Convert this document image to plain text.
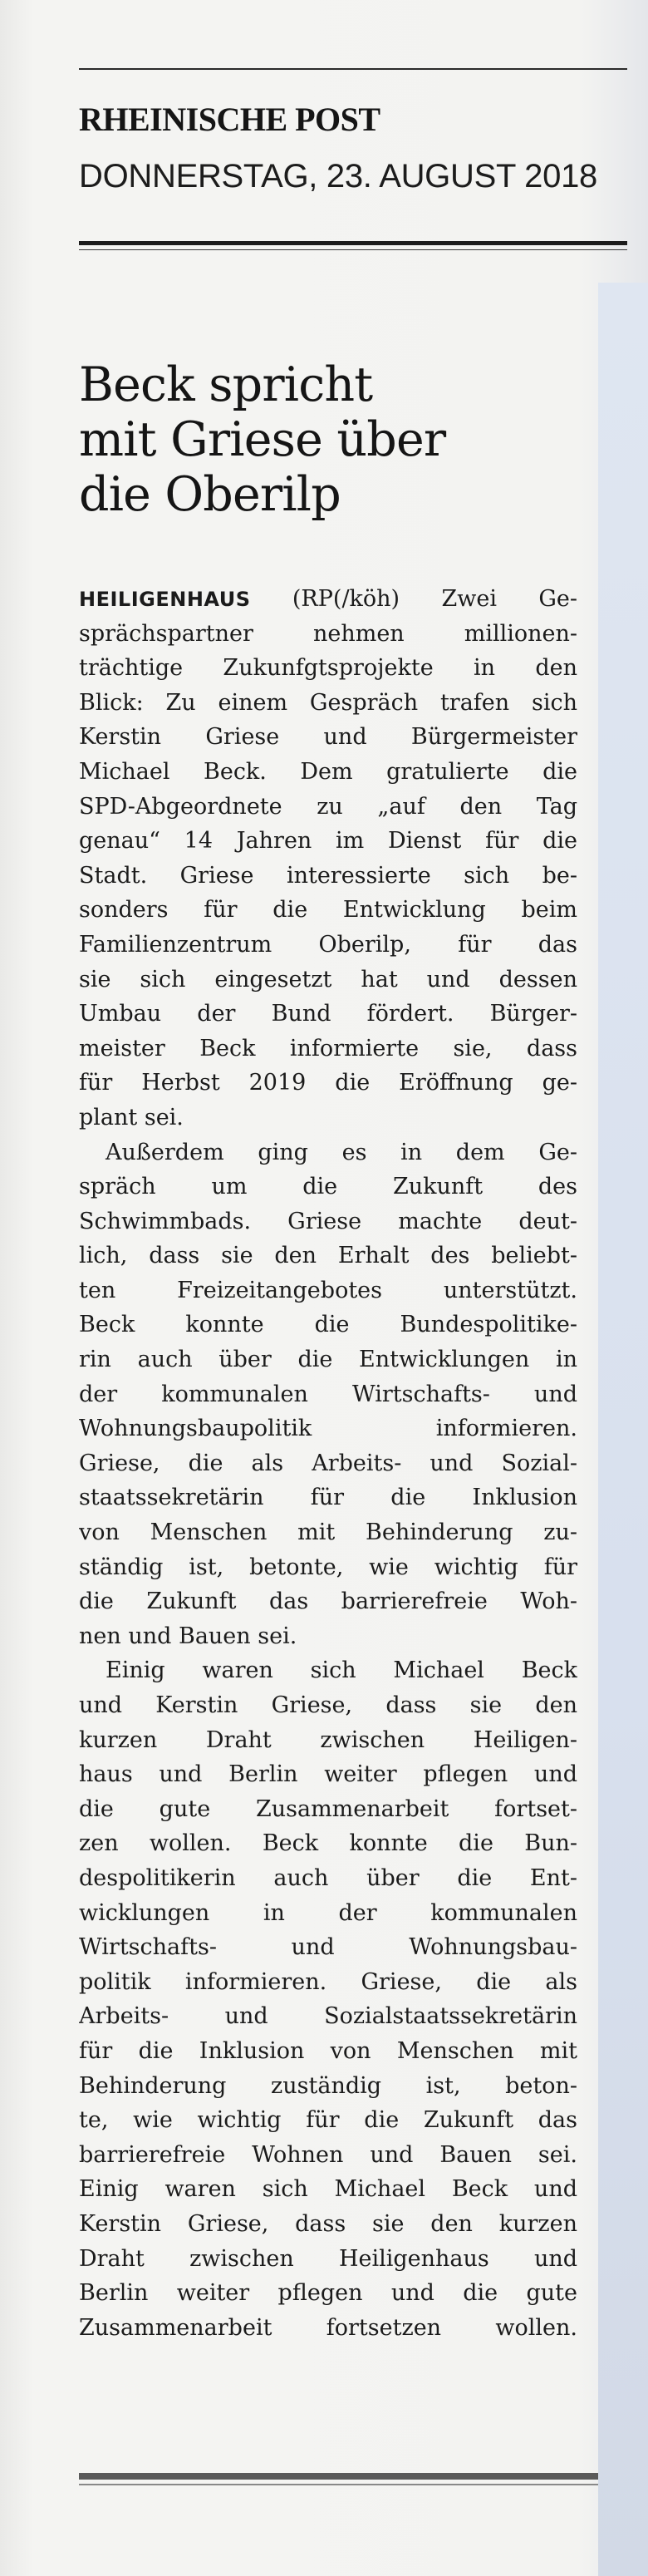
RHEINISCHE POST
DONNERSTAG, 23. AUGUST 2018
Beck spricht
mit Griese über
die Oberilp
HEILIGENHAUS (RP(/köh) Zwei Ge-
sprächspartner nehmen millionen-
trächtige Zukunfgtsprojekte in den
Blick: Zu einem Gespräch trafen sich
Kerstin Griese und Bürgermeister
Michael Beck. Dem gratulierte die
SPD-Abgeordnete zu „auf den Tag
genau“ 14 Jahren im Dienst für die
Stadt. Griese interessierte sich be-
sonders für die Entwicklung beim
Familienzentrum Oberilp, für das
sie sich eingesetzt hat und dessen
Umbau der Bund fördert. Bürger-
meister Beck informierte sie, dass
für Herbst 2019 die Eröffnung ge-
plant sei.
Außerdem ging es in dem Ge-
spräch um die Zukunft des
Schwimmbads. Griese machte deut-
lich, dass sie den Erhalt des beliebt-
ten Freizeitangebotes unterstützt.
Beck konnte die Bundespolitike-
rin auch über die Entwicklungen in
der kommunalen Wirtschafts- und
Wohnungsbaupolitik informieren.
Griese, die als Arbeits- und Sozial-
staatssekretärin für die Inklusion
von Menschen mit Behinderung zu-
ständig ist, betonte, wie wichtig für
die Zukunft das barrierefreie Woh-
nen und Bauen sei.
Einig waren sich Michael Beck
und Kerstin Griese, dass sie den
kurzen Draht zwischen Heiligen-
haus und Berlin weiter pflegen und
die gute Zusammenarbeit fortset-
zen wollen. Beck konnte die Bun-
despolitikerin auch über die Ent-
wicklungen in der kommunalen
Wirtschafts- und Wohnungsbau-
politik informieren. Griese, die als
Arbeits- und Sozialstaatssekretärin
für die Inklusion von Menschen mit
Behinderung zuständig ist, beton-
te, wie wichtig für die Zukunft das
barrierefreie Wohnen und Bauen sei.
Einig waren sich Michael Beck und
Kerstin Griese, dass sie den kurzen
Draht zwischen Heiligenhaus und
Berlin weiter pflegen und die gute
Zusammenarbeit fortsetzen wollen.
